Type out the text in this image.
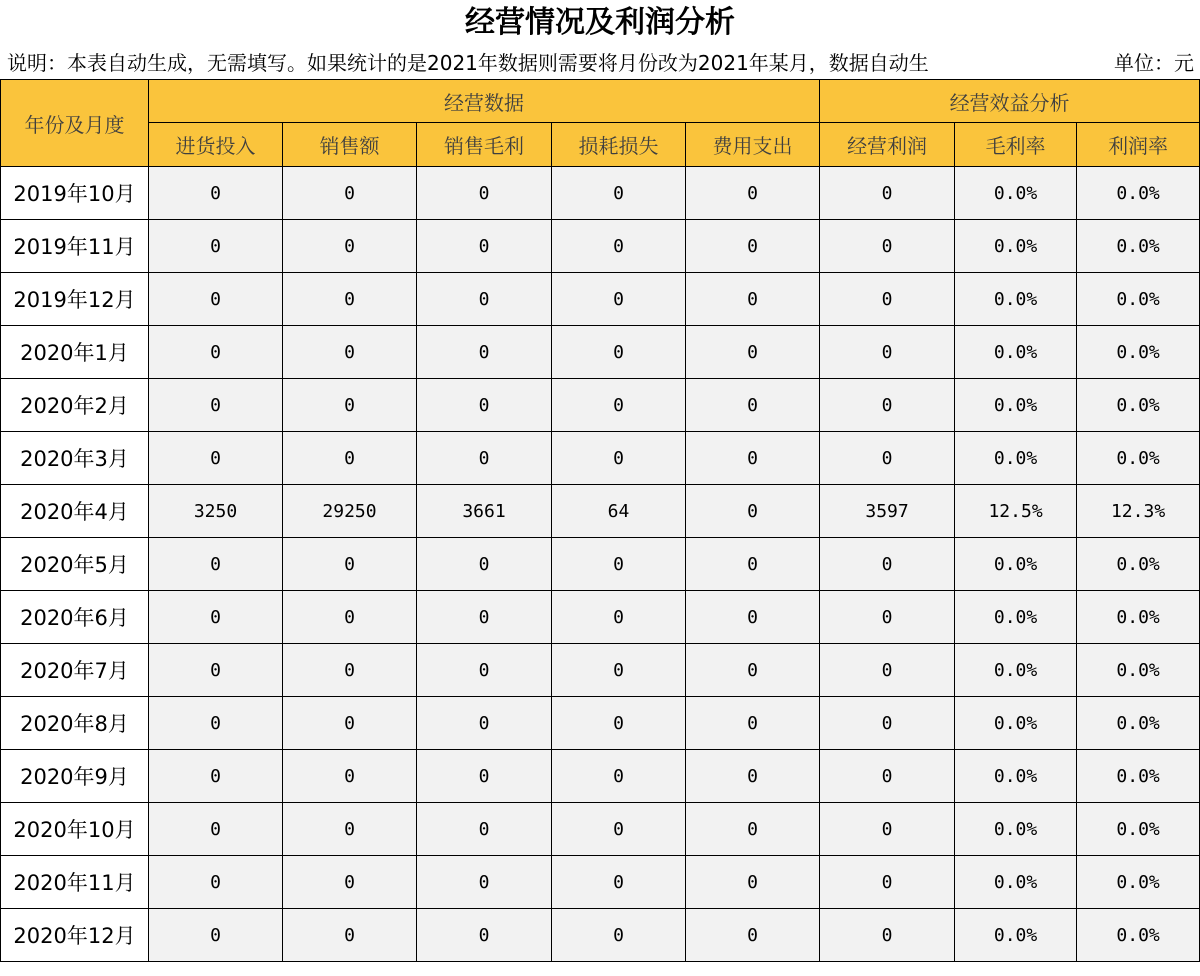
经营情况及利润分析
说明：本表自动生成，无需填写。如果统计的是2021年数据则需要将月份改为2021年某月，数据自动生	单位：元
年份及月度	经营数据					经营效益分析		
	进货投入	销售额	销售毛利	损耗损失	费用支出	经营利润	毛利率	利润率
2019年10月	0	0	0	0	0	0	0.0%	0.0%
2019年11月	0	0	0	0	0	0	0.0%	0.0%
2019年12月	0	0	0	0	0	0	0.0%	0.0%
2020年1月	0	0	0	0	0	0	0.0%	0.0%
2020年2月	0	0	0	0	0	0	0.0%	0.0%
2020年3月	0	0	0	0	0	0	0.0%	0.0%
2020年4月	3250	29250	3661	64	0	3597	12.5%	12.3%
2020年5月	0	0	0	0	0	0	0.0%	0.0%
2020年6月	0	0	0	0	0	0	0.0%	0.0%
2020年7月	0	0	0	0	0	0	0.0%	0.0%
2020年8月	0	0	0	0	0	0	0.0%	0.0%
2020年9月	0	0	0	0	0	0	0.0%	0.0%
2020年10月	0	0	0	0	0	0	0.0%	0.0%
2020年11月	0	0	0	0	0	0	0.0%	0.0%
2020年12月	0	0	0	0	0	0	0.0%	0.0%
